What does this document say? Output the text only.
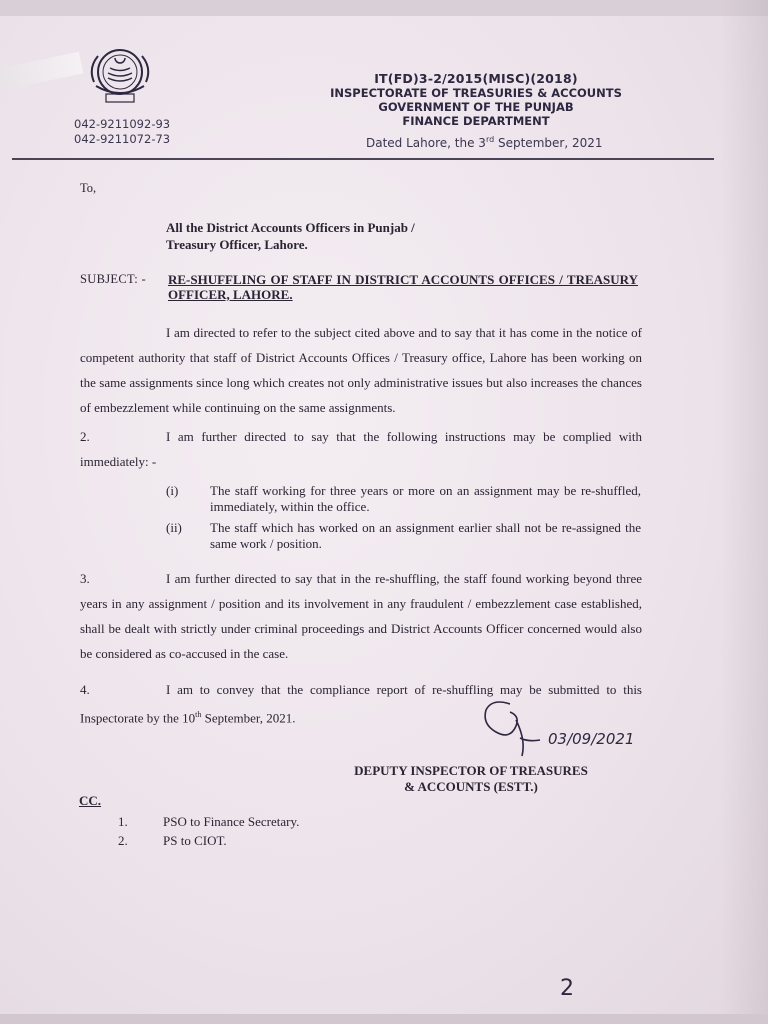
042-9211092-93
042-9211072-73
IT(FD)3-2/2015(MISC)(2018)
INSPECTORATE OF TREASURIES & ACCOUNTS
GOVERNMENT OF THE PUNJAB
FINANCE DEPARTMENT
Dated Lahore, the 3rd September, 2021
To,
All the District Accounts Officers in Punjab /
Treasury Officer, Lahore.
SUBJECT: - RE-SHUFFLING OF STAFF IN DISTRICT ACCOUNTS OFFICES / TREASURY OFFICER, LAHORE.
I am directed to refer to the subject cited above and to say that it has come in the notice of competent authority that staff of District Accounts Offices / Treasury office, Lahore has been working on the same assignments since long which creates not only administrative issues but also increases the chances of embezzlement while continuing on the same assignments.
2.	I am further directed to say that the following instructions may be complied with immediately: -
(i) The staff working for three years or more on an assignment may be re-shuffled, immediately, within the office.
(ii) The staff which has worked on an assignment earlier shall not be re-assigned the same work / position.
3.	I am further directed to say that in the re-shuffling, the staff found working beyond three years in any assignment / position and its involvement in any fraudulent / embezzlement case established, shall be dealt with strictly under criminal proceedings and District Accounts Officer concerned would also be considered as co-accused in the case.
4.	I am to convey that the compliance report of re-shuffling may be submitted to this Inspectorate by the 10th September, 2021.
03/09/2021
DEPUTY INSPECTOR OF TREASURES
& ACCOUNTS (ESTT.)
CC.
1.	PSO to Finance Secretary.
2.	PS to CIOT.
2
